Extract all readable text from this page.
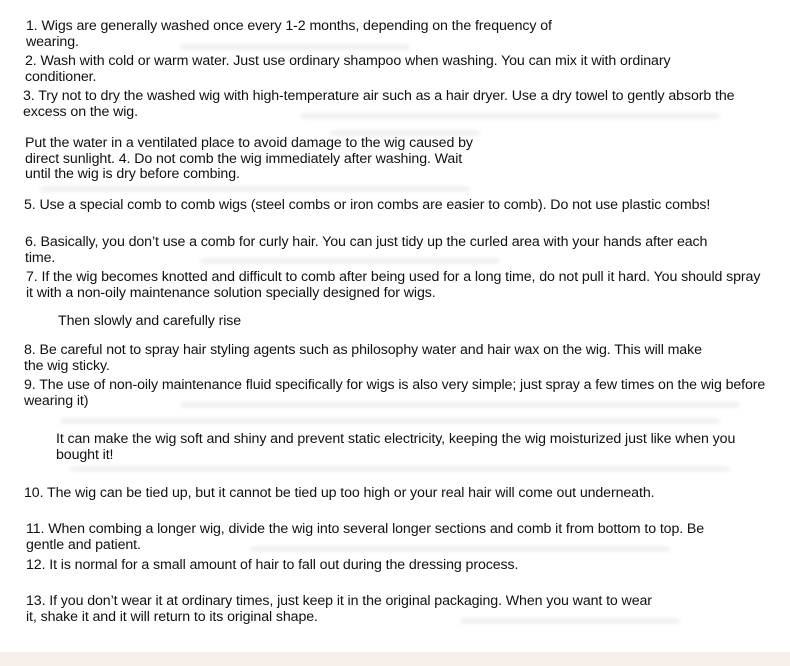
1. Wigs are generally washed once every 1-2 months, depending on the frequency of wearing.

2. Wash with cold or warm water. Just use ordinary shampoo when washing. You can mix it with ordinary conditioner.

3. Try not to dry the washed wig with high-temperature air such as a hair dryer. Use a dry towel to gently absorb the excess on the wig.

Put the water in a ventilated place to avoid damage to the wig caused by direct sunlight. 4. Do not comb the wig immediately after washing. Wait until the wig is dry before combing.

5. Use a special comb to comb wigs (steel combs or iron combs are easier to comb). Do not use plastic combs!

6. Basically, you don’t use a comb for curly hair. You can just tidy up the curled area with your hands after each time.

7. If the wig becomes knotted and difficult to comb after being used for a long time, do not pull it hard. You should spray it with a non-oily maintenance solution specially designed for wigs.

Then slowly and carefully rise

8. Be careful not to spray hair styling agents such as philosophy water and hair wax on the wig. This will make the wig sticky.

9. The use of non-oily maintenance fluid specifically for wigs is also very simple; just spray a few times on the wig before wearing it)

It can make the wig soft and shiny and prevent static electricity, keeping the wig moisturized just like when you bought it!

10. The wig can be tied up, but it cannot be tied up too high or your real hair will come out underneath.

11. When combing a longer wig, divide the wig into several longer sections and comb it from bottom to top. Be gentle and patient.

12. It is normal for a small amount of hair to fall out during the dressing process.

13. If you don’t wear it at ordinary times, just keep it in the original packaging. When you want to wear it, shake it and it will return to its original shape.
